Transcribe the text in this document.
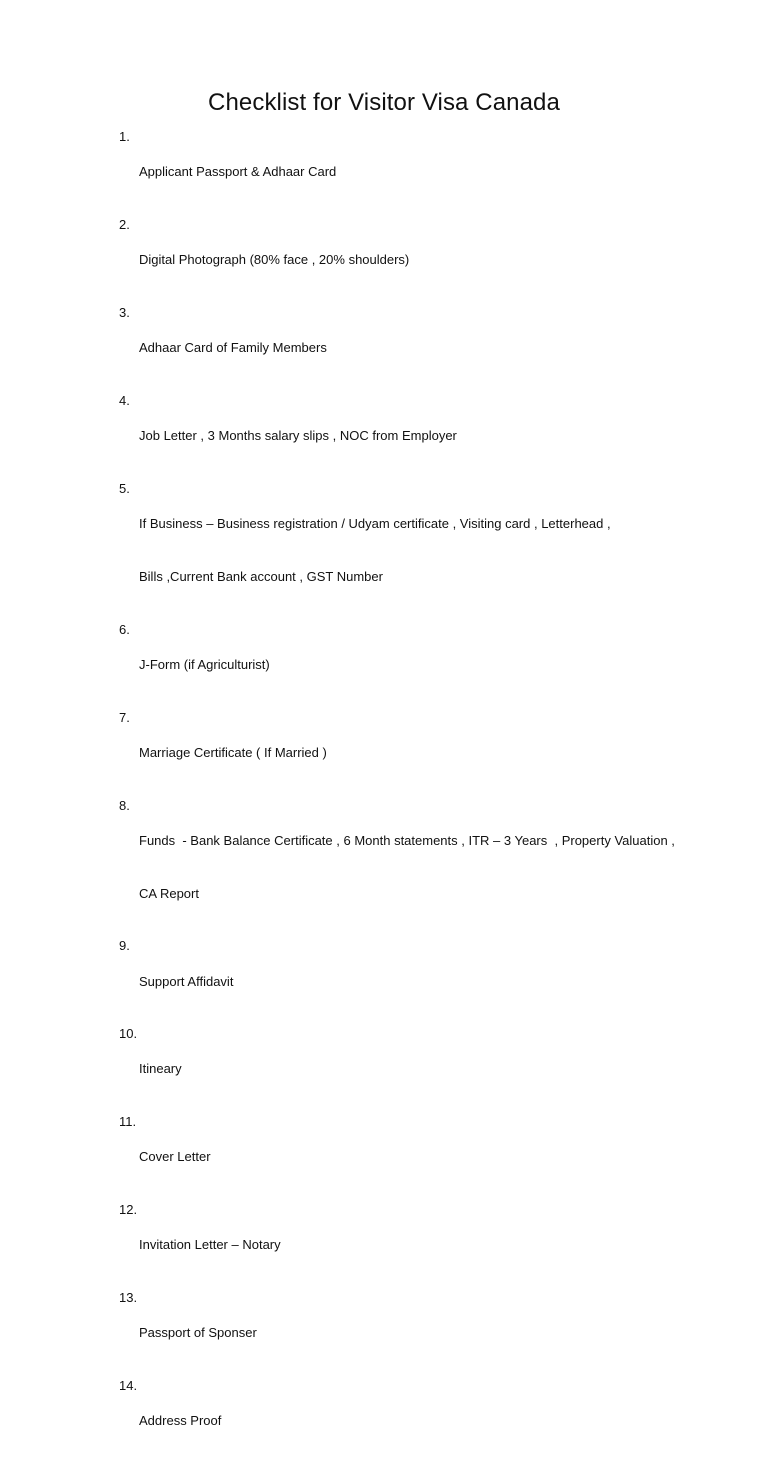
Checklist for Visitor Visa Canada
1.

Applicant Passport & Adhaar Card

2.

Digital Photograph (80% face , 20% shoulders)

3.

Adhaar Card of Family Members

4.

Job Letter , 3 Months salary slips , NOC from Employer

5.

If Business – Business registration / Udyam certificate , Visiting card , Letterhead ,

Bills ,Current Bank account , GST Number

6.

J-Form (if Agriculturist)

7.

Marriage Certificate ( If Married )

8.

Funds  - Bank Balance Certificate , 6 Month statements , ITR – 3 Years  , Property Valuation ,

CA Report

9.

Support Affidavit

10.

Itineary

11.

Cover Letter

12.

Invitation Letter – Notary

13.

Passport of Sponser

14.

Address Proof
